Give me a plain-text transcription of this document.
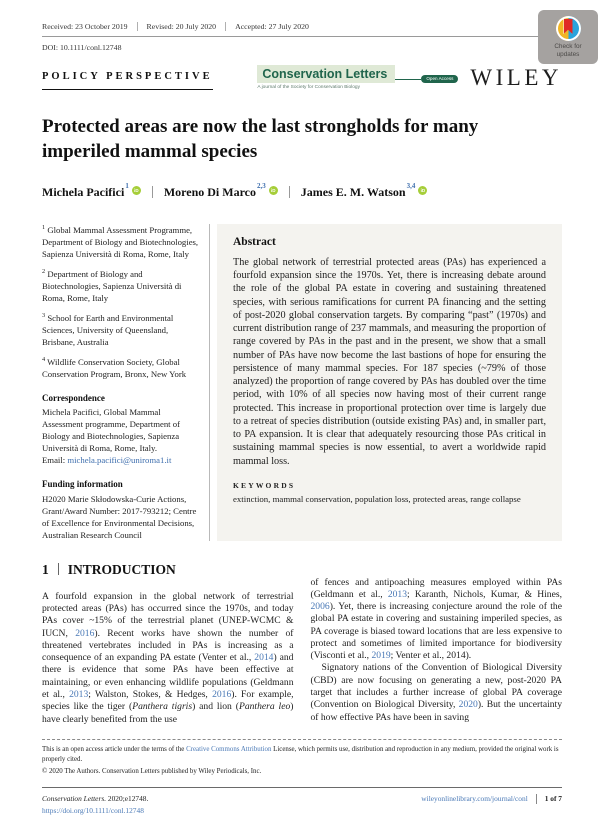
Check for
updates
Received: 23 October 2019	Revised: 20 July 2020	Accepted: 27 July 2020
DOI: 10.1111/conl.12748
POLICY PERSPECTIVE	Conservation Letters	Open Access
A journal of the Society for Conservation Biology	WILEY
Protected areas are now the last strongholds for many imperiled mammal species
Michela Pacifici 1
iD Moreno Di Marco 2,3
iD James E. M. Watson 3,4
iD
$^1$ Global Mammal Assessment Programme, Department of Biology and Biotechnologies, Sapienza Università di Roma, Rome, Italy
$^2$ Department of Biology and Biotechnologies, Sapienza Università di Roma, Rome, Italy
$^3$ School for Earth and Environmental Sciences, University of Queensland, Brisbane, Australia
$^4$ Wildlife Conservation Society, Global Conservation Program, Bronx, New York
Correspondence
Michela Pacifici, Global Mammal Assessment programme, Department of Biology and Biotechnologies, Sapienza Università di Roma, Rome, Italy.
Email: michela.pacifici@uniroma1.it
Funding information
H2020 Marie Skłodowska-Curie Actions, Grant/Award Number: 2017-793212; Centre of Excellence for Environmental Decisions, Australian Research Council
Abstract
The global network of terrestrial protected areas (PAs) has experienced a fourfold expansion since the 1970s. Yet, there is increasing debate around the role of the global PA estate in covering and sustaining threatened species, with serious ramifications for current PA financing and the setting of post-2020 global conservation targets. By comparing “past” (1970s) and current distribution range of 237 mammals, and measuring the proportion of range covered by PAs in the past and in the present, we show that a small number of PAs have now become the last bastions of hope for ensuring the persistence of many mammal species. For 187 species (~79% of those analyzed) the proportion of range covered by PAs has doubled over the time period, with 10% of all species now having most of their current range protected. This increase in proportional protection over time is largely due to a retreat of species distribution (outside existing PAs) and, in smaller part, to PA expansion. It is clear that adequately resourcing those PAs critical in sustaining mammal species is now essential, to avert a worldwide rapid mammal loss.
KEYWORDS
extinction, mammal conservation, population loss, protected areas, range collapse
1 INTRODUCTION

A fourfold expansion in the global network of terrestrial protected areas (PAs) has occurred since the 1970s, and today PAs cover ~15% of the terrestrial planet (UNEP-WCMC & IUCN, 2016). Recent works have shown the number of threatened vertebrates included in PAs is increasing as a consequence of an expanding PA estate (Venter et al., 2014) and there is evidence that some PAs have been effective at maintaining, or even enhancing wildlife populations (Geldmann et al., 2013; Walston, Stokes, & Hedges, 2016). For example, species like the tiger (Panthera tigris) and lion (Panthera leo) have clearly benefited from the use

of fences and antipoaching measures employed within PAs (Geldmann et al., 2013; Karanth, Nichols, Kumar, & Hines, 2006). Yet, there is increasing conjecture around the role of the global PA estate in covering and sustaining imperiled species, as PA coverage is biased toward locations that are less expensive to protect and sometimes of limited importance for biodiversity (Visconti et al., 2019; Venter et al., 2014).

Signatory nations of the Convention of Biological Diversity (CBD) are now focusing on generating a new, post-2020 PA target that includes a further increase of global PA coverage (Convention on Biological Diversity, 2020). But the uncertainty of how effective PAs have been in saving

This is an open access article under the terms of the Creative Commons Attribution License, which permits use, distribution and reproduction in any medium, provided the original work is properly cited.
© 2020 The Authors. Conservation Letters published by Wiley Periodicals, Inc.
Conservation Letters. 2020;e12748.
https://doi.org/10.1111/conl.12748
wileyonlinelibrary.com/journal/conl 1 of 7
